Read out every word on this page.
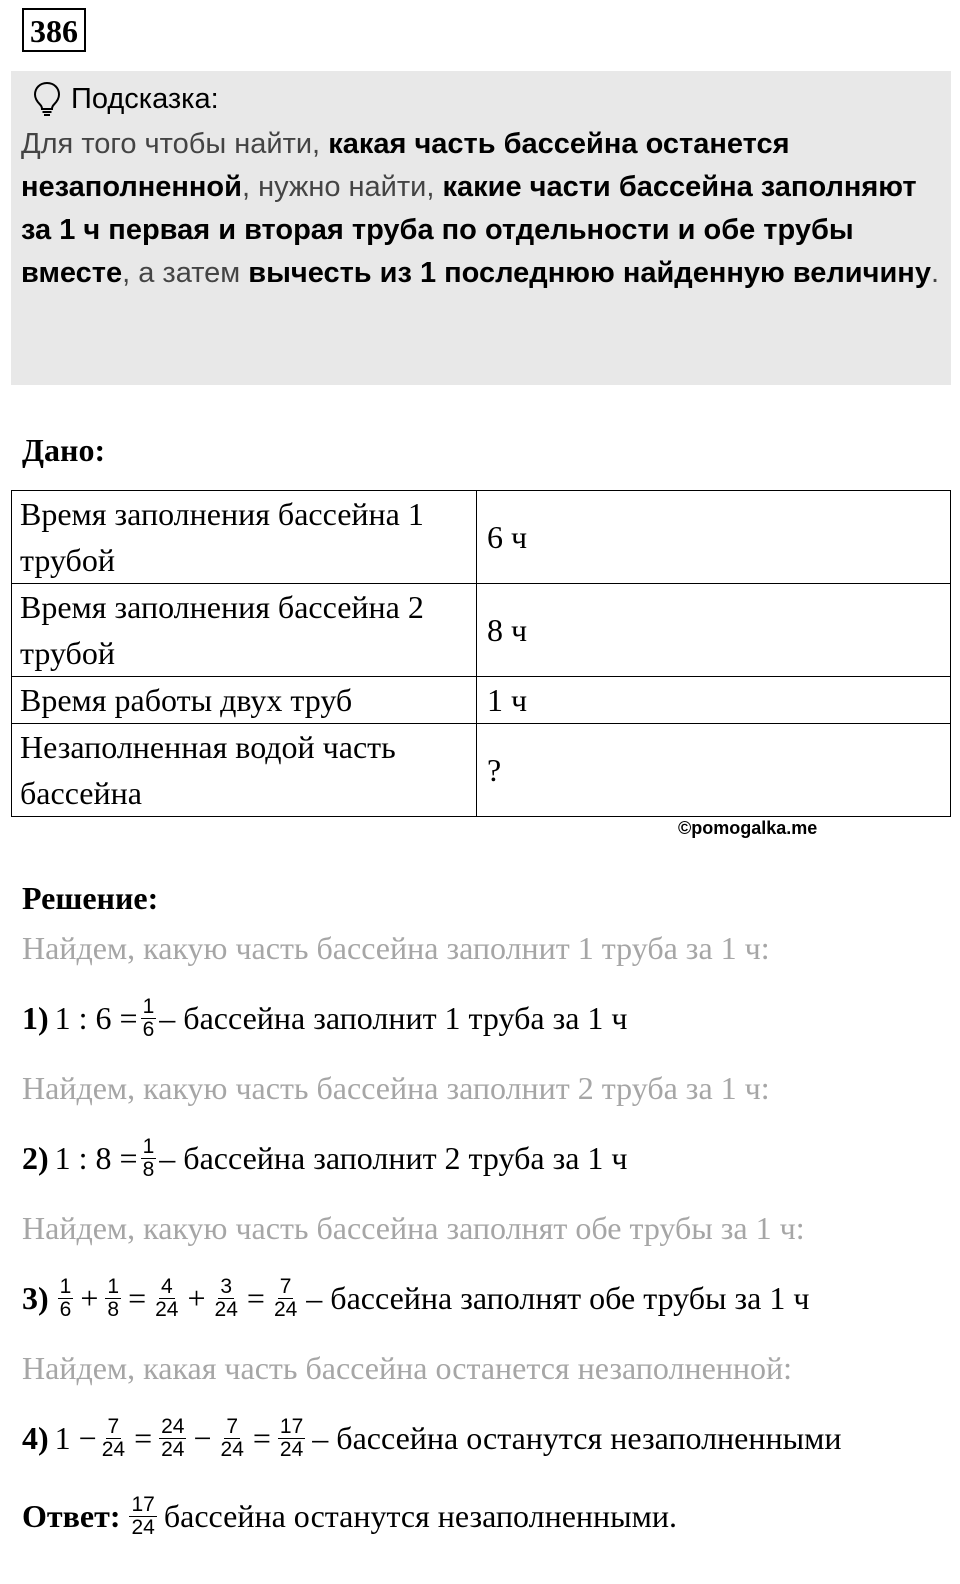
386
Подсказка:
Для того чтобы найти, какая часть бассейна останется незаполненной, нужно найти, какие части бассейна заполняют за 1 ч первая и вторая труба по отдельности и обе трубы вместе, а затем вычесть из 1 последнюю найденную величину.
Дано:
Время заполнения бассейна 1 трубой	6 ч
Время заполнения бассейна 2 трубой	8 ч
Время работы двух труб	1 ч
Незаполненная водой часть бассейна	?
©pomogalka.me
Решение:
Найдем, какую часть бассейна заполнит 1 труба за 1 ч:
1) 1 : $6 = \frac{1}{6}$ – бассейна заполнит 1 труба за 1 ч
Найдем, какую часть бассейна заполнит 2 труба за 1 ч:
2) 1 : $8 = \frac{1}{8}$ – бассейна заполнит 2 труба за 1 ч
Найдем, какую часть бассейна заполнят обе трубы за 1 ч:
$3) \frac{1}{6} + \frac{1}{8} = \frac{4}{24} + \frac{3}{24} = \frac{7}{24}$ – бассейна заполнят обе трубы за 1 ч
Найдем, какая часть бассейна останется незаполненной:
4) $1 - \frac{7}{24} = \frac{24}{24} - \frac{7}{24} = \frac{17}{24}$ – бассейна останутся незаполненными
Ответ: $\frac{17}{24}$ бассейна останутся незаполненными.
